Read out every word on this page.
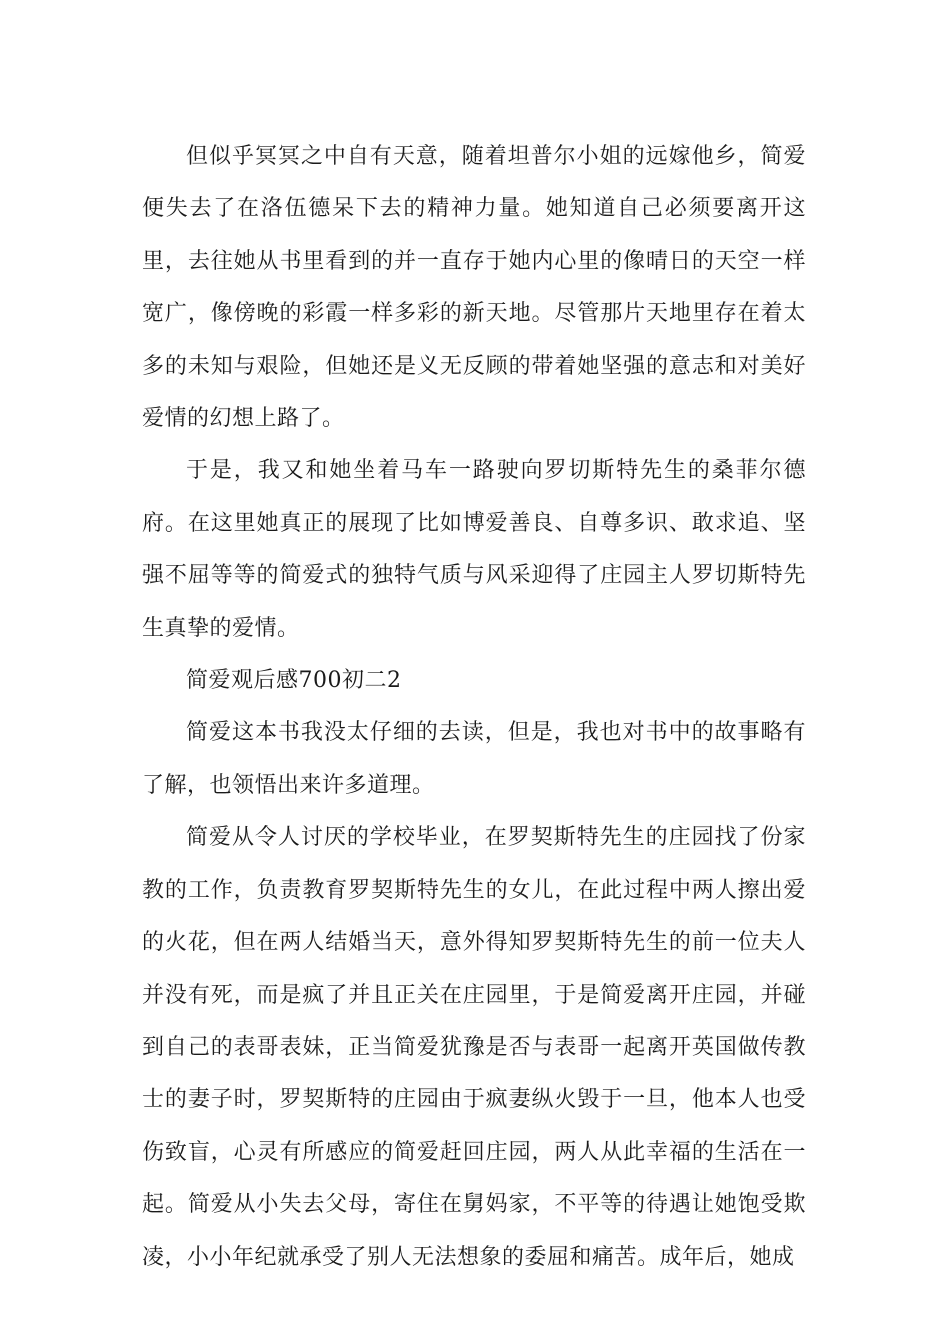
但似乎冥冥之中自有天意，随着坦普尔小姐的远嫁他乡，简爱便失去了在洛伍德呆下去的精神力量。她知道自己必须要离开这里，去往她从书里看到的并一直存于她内心里的像晴日的天空一样宽广，像傍晚的彩霞一样多彩的新天地。尽管那片天地里存在着太多的未知与艰险，但她还是义无反顾的带着她坚强的意志和对美好爱情的幻想上路了。

于是，我又和她坐着马车一路驶向罗切斯特先生的桑菲尔德府。在这里她真正的展现了比如博爱善良、自尊多识、敢求追、坚强不屈等等的简爱式的独特气质与风采迎得了庄园主人罗切斯特先生真挚的爱情。

简爱观后感700初二2

简爱这本书我没太仔细的去读，但是，我也对书中的故事略有了解，也领悟出来许多道理。

简爱从令人讨厌的学校毕业，在罗契斯特先生的庄园找了份家教的工作，负责教育罗契斯特先生的女儿，在此过程中两人擦出爱的火花，但在两人结婚当天，意外得知罗契斯特先生的前一位夫人并没有死，而是疯了并且正关在庄园里，于是简爱离开庄园，并碰到自己的表哥表妹，正当简爱犹豫是否与表哥一起离开英国做传教士的妻子时，罗契斯特的庄园由于疯妻纵火毁于一旦，他本人也受伤致盲，心灵有所感应的简爱赶回庄园，两人从此幸福的生活在一起。简爱从小失去父母，寄住在舅妈家，不平等的待遇让她饱受欺凌，小小年纪就承受了别人无法想象的委屈和痛苦。成年后，她成
